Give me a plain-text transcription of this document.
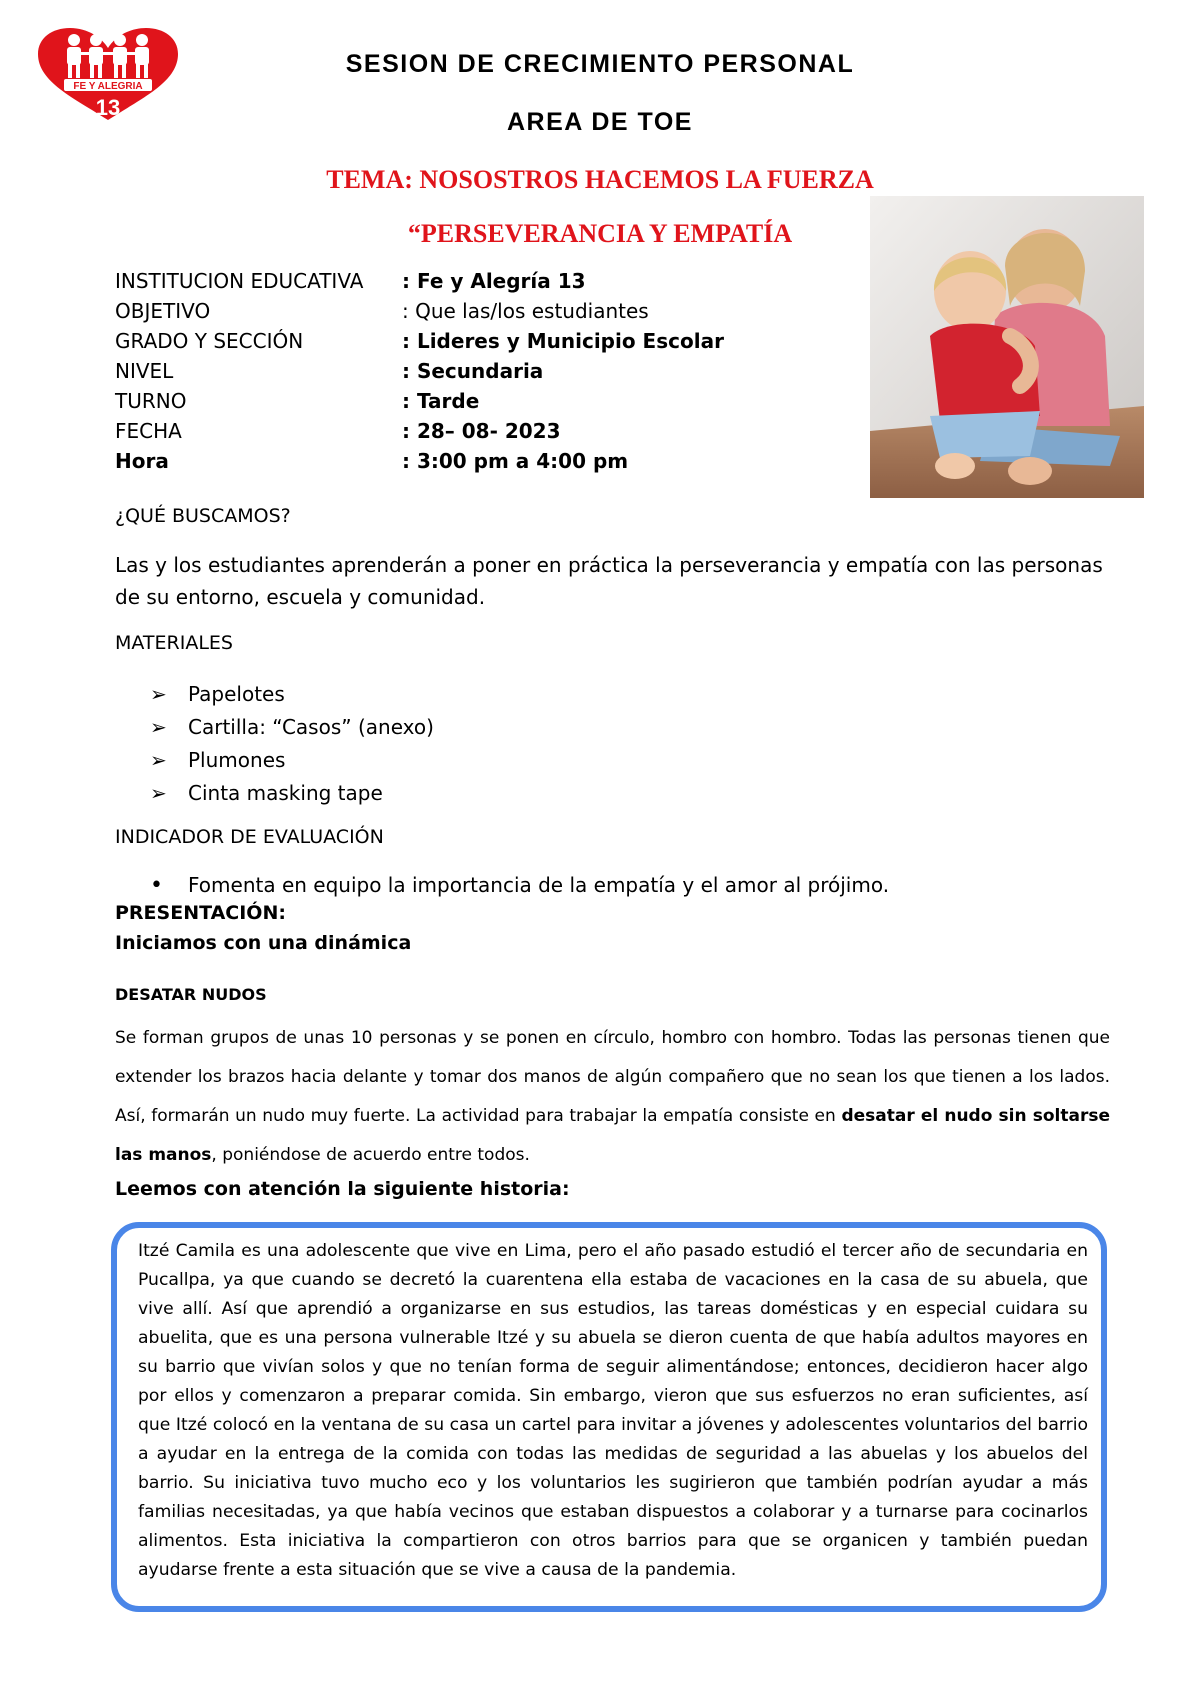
FE Y ALEGRIA
13
SESION DE CRECIMIENTO PERSONAL
AREA DE TOE
TEMA: NOSOSTROS HACEMOS LA FUERZA
“PERSEVERANCIA Y EMPATÍA
INSTITUCION EDUCATIVA	: Fe y Alegría 13
OBJETIVO	: Que las/los estudiantes
GRADO Y SECCIÓN	: Lideres y Municipio Escolar
NIVEL	: Secundaria
TURNO	: Tarde
FECHA	: 28– 08- 2023
Hora	: 3:00 pm a 4:00 pm
¿QUÉ BUSCAMOS?
Las y los estudiantes aprenderán a poner en práctica la perseverancia y empatía con las personas de su entorno, escuela y comunidad.
MATERIALES
➢	Papelotes
➢	Cartilla: “Casos” (anexo)
➢	Plumones
➢	Cinta masking tape
INDICADOR DE EVALUACIÓN
•	Fomenta en equipo la importancia de la empatía y el amor al prójimo.
PRESENTACIÓN:
Iniciamos con una dinámica
DESATAR NUDOS
Se forman grupos de unas 10 personas y se ponen en círculo, hombro con hombro. Todas las personas tienen que extender los brazos hacia delante y tomar dos manos de algún compañero que no sean los que tienen a los lados. Así, formarán un nudo muy fuerte. La actividad para trabajar la empatía consiste en desatar el nudo sin soltarse las manos, poniéndose de acuerdo entre todos.
Leemos con atención la siguiente historia:
Itzé Camila es una adolescente que vive en Lima, pero el año pasado estudió el tercer año de secundaria en Pucallpa, ya que cuando se decretó la cuarentena ella estaba de vacaciones en la casa de su abuela, que vive allí. Así que aprendió a organizarse en sus estudios, las tareas domésticas y en especial cuidara su abuelita, que es una persona vulnerable Itzé y su abuela se dieron cuenta de que había adultos mayores en su barrio que vivían solos y que no tenían forma de seguir alimentándose; entonces, decidieron hacer algo por ellos y comenzaron a preparar comida. Sin embargo, vieron que sus esfuerzos no eran suficientes, así que Itzé colocó en la ventana de su casa un cartel para invitar a jóvenes y adolescentes voluntarios del barrio a ayudar en la entrega de la comida con todas las medidas de seguridad a las abuelas y los abuelos del barrio. Su iniciativa tuvo mucho eco y los voluntarios les sugirieron que también podrían ayudar a más familias necesitadas, ya que había vecinos que estaban dispuestos a colaborar y a turnarse para cocinarlos alimentos. Esta iniciativa la compartieron con otros barrios para que se organicen y también puedan ayudarse frente a esta situación que se vive a causa de la pandemia.
